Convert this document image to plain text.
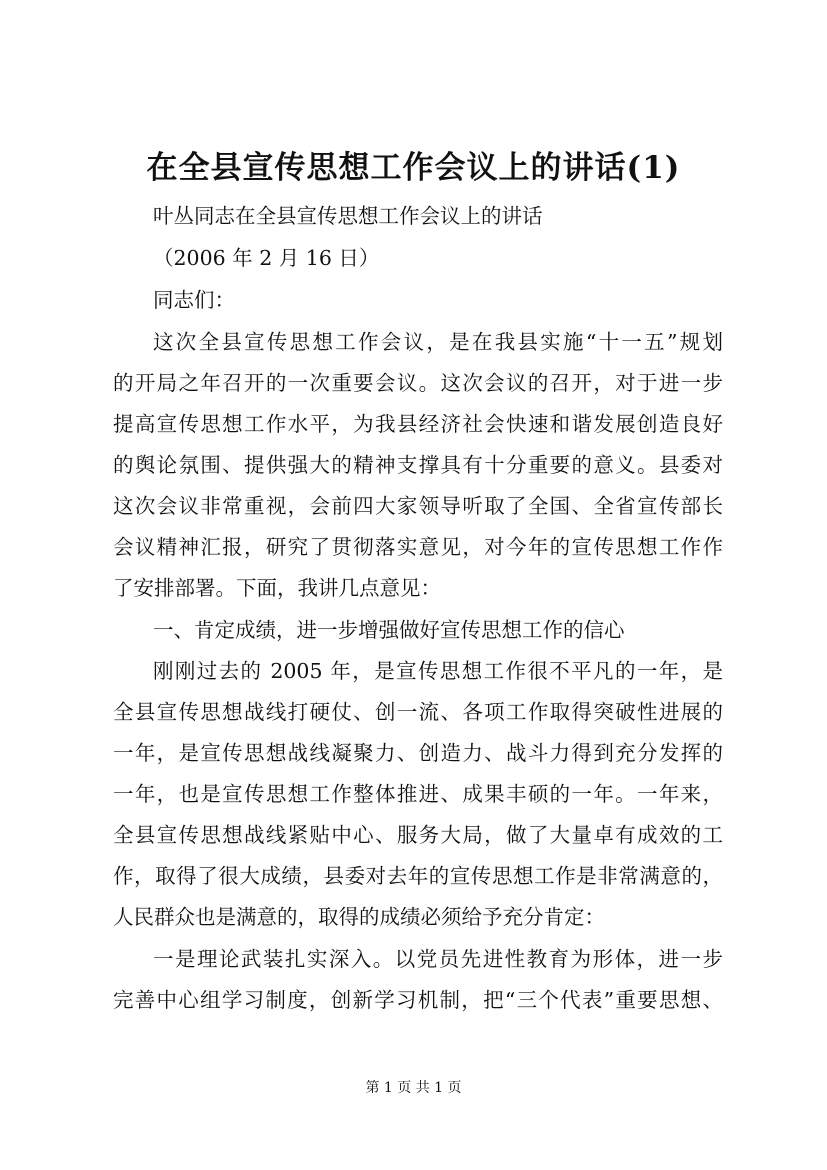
在全县宣传思想工作会议上的讲话(1)
叶丛同志在全县宣传思想工作会议上的讲话
（2006 年 2 月 16 日）
同志们：
这次全县宣传思想工作会议，是在我县实施“十一五”规划
的开局之年召开的一次重要会议。这次会议的召开，对于进一步
提高宣传思想工作水平，为我县经济社会快速和谐发展创造良好
的舆论氛围、提供强大的精神支撑具有十分重要的意义。县委对
这次会议非常重视，会前四大家领导听取了全国、全省宣传部长
会议精神汇报，研究了贯彻落实意见，对今年的宣传思想工作作
了安排部署。下面，我讲几点意见：
一、肯定成绩，进一步增强做好宣传思想工作的信心
刚刚过去的 2005 年，是宣传思想工作很不平凡的一年，是
全县宣传思想战线打硬仗、创一流、各项工作取得突破性进展的
一年，是宣传思想战线凝聚力、创造力、战斗力得到充分发挥的
一年，也是宣传思想工作整体推进、成果丰硕的一年。一年来，
全县宣传思想战线紧贴中心、服务大局，做了大量卓有成效的工
作，取得了很大成绩，县委对去年的宣传思想工作是非常满意的，
人民群众也是满意的，取得的成绩必须给予充分肯定：
一是理论武装扎实深入。以党员先进性教育为形体，进一步
完善中心组学习制度，创新学习机制，把“三个代表”重要思想、
第 1 页 共 1 页
